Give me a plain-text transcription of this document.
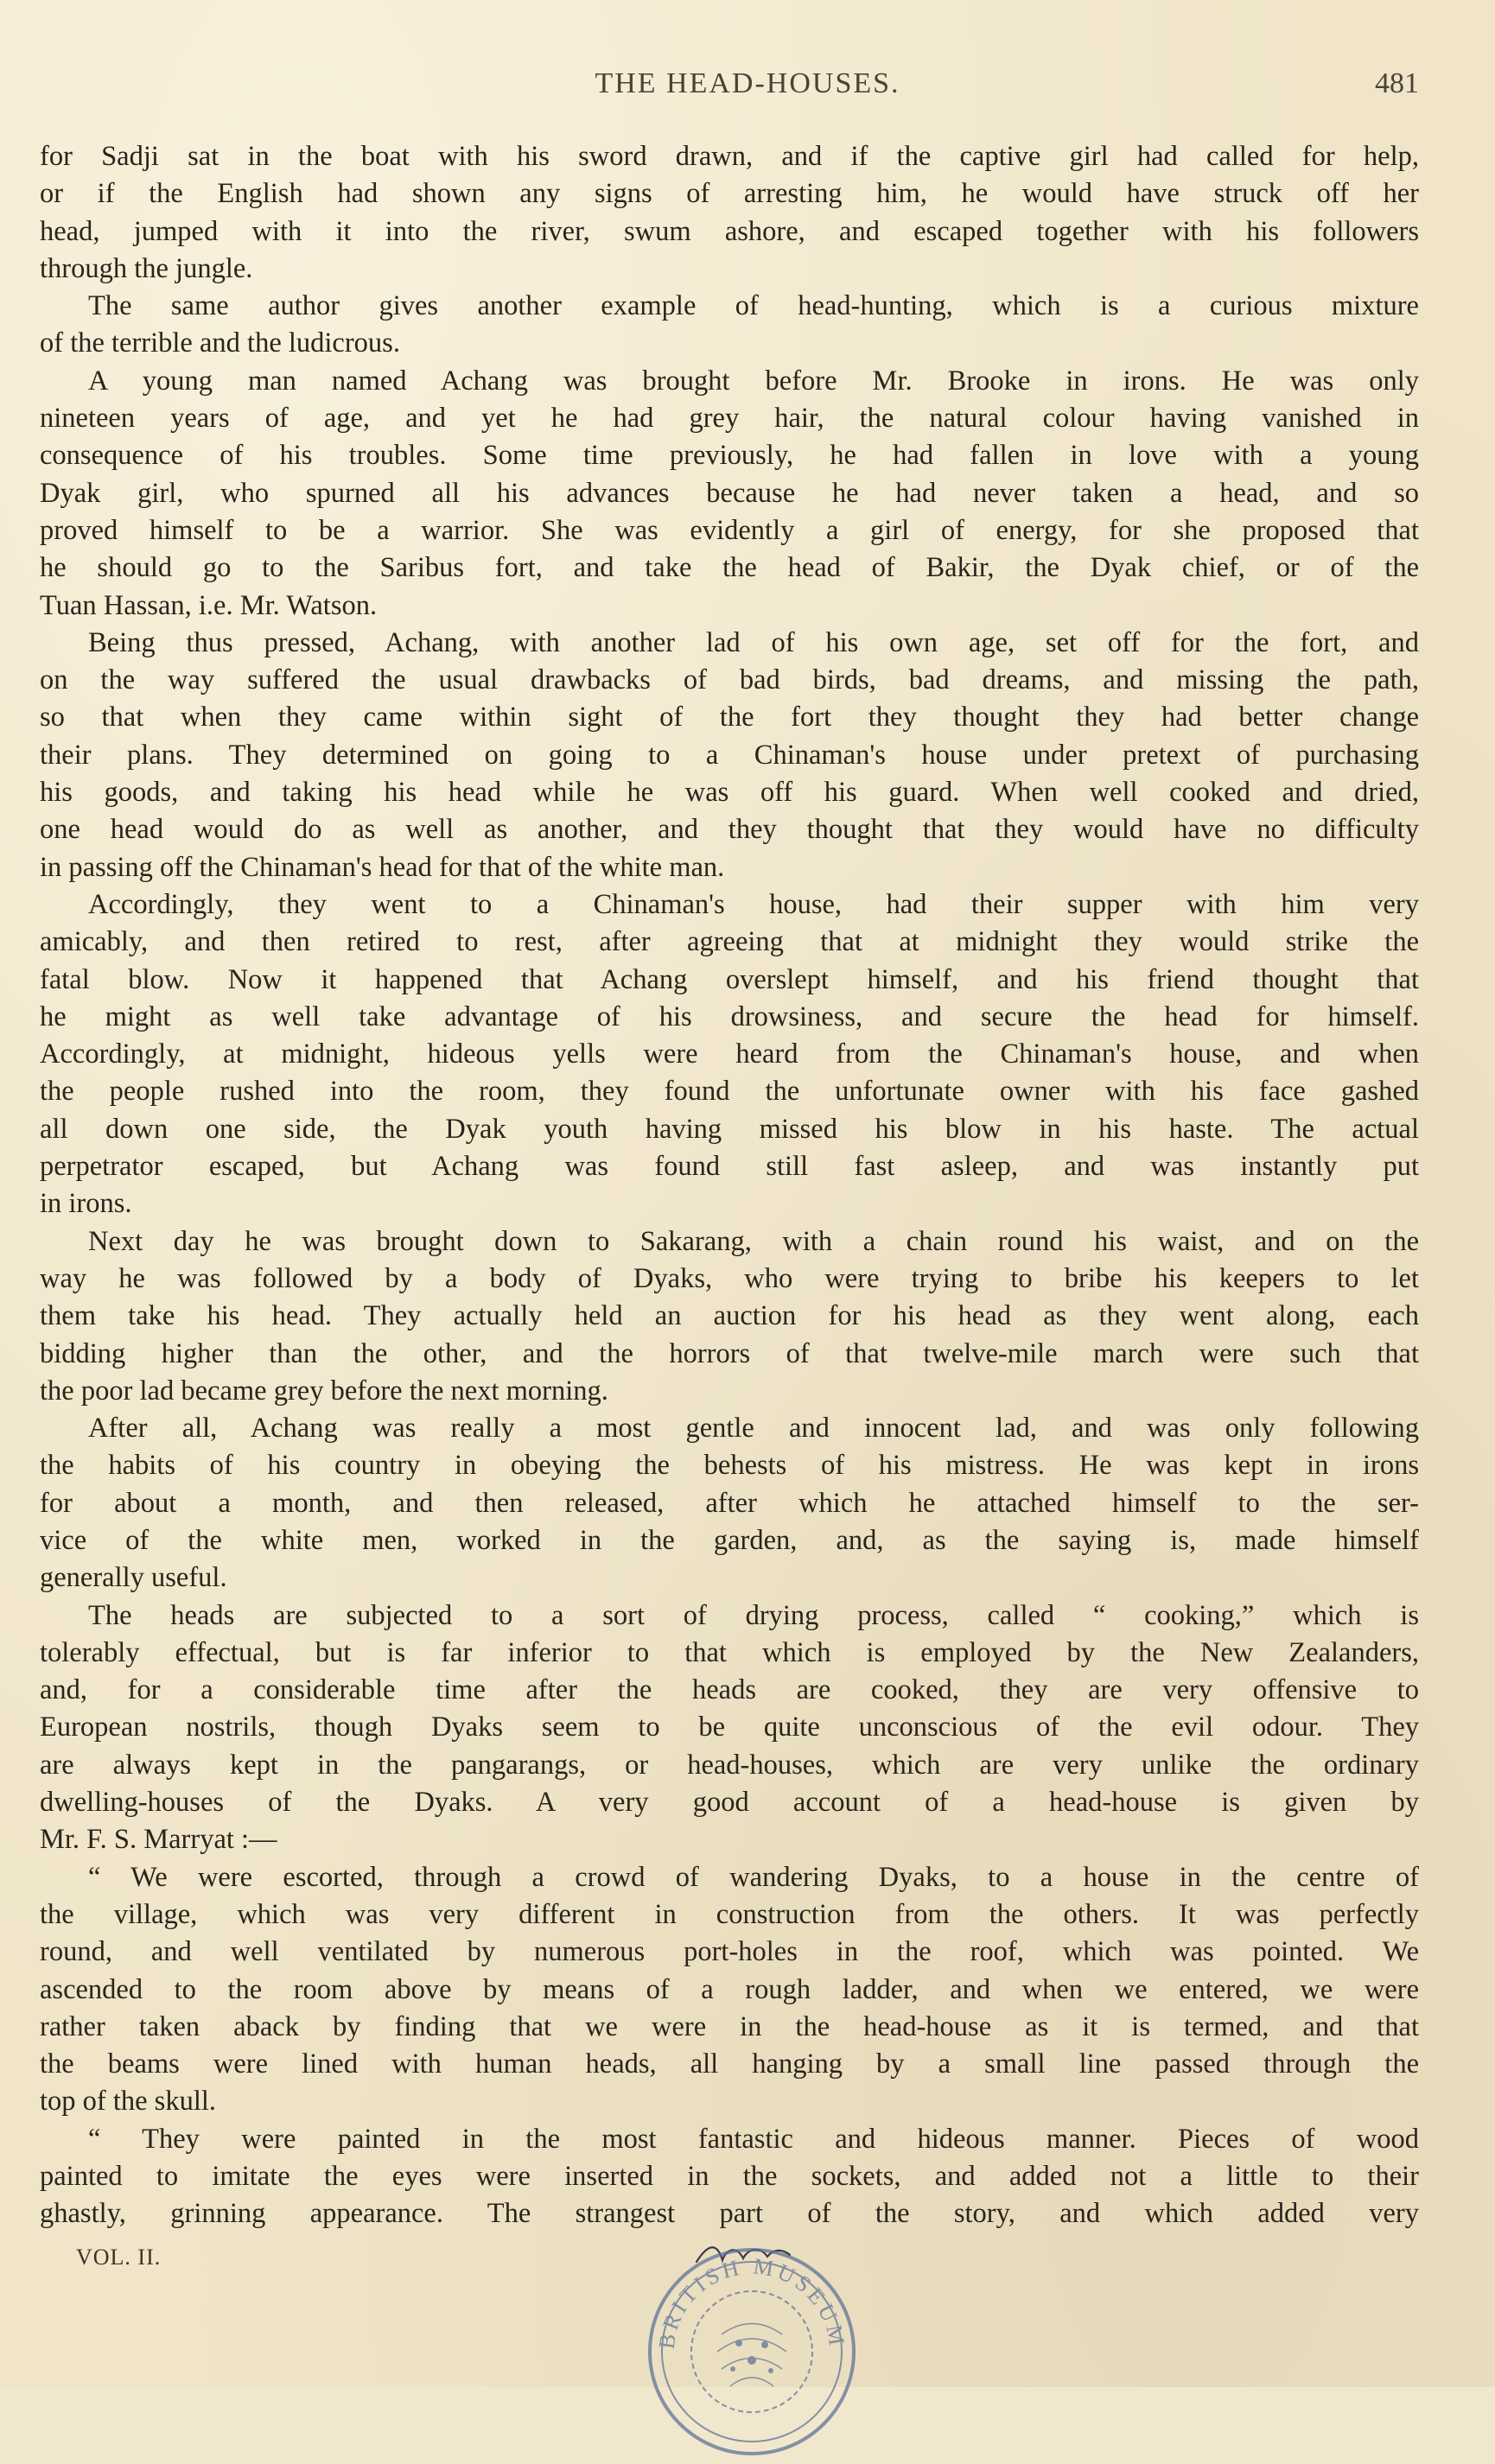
THE HEAD-HOUSES.	481
for Sadji sat in the boat with his sword drawn, and if the captive girl had called for help,
or if the English had shown any signs of arresting him, he would have struck off her
head, jumped with it into the river, swum ashore, and escaped together with his followers
through the jungle.
The same author gives another example of head-hunting, which is a curious mixture
of the terrible and the ludicrous.
A young man named Achang was brought before Mr. Brooke in irons. He was only
nineteen years of age, and yet he had grey hair, the natural colour having vanished in
consequence of his troubles. Some time previously, he had fallen in love with a young
Dyak girl, who spurned all his advances because he had never taken a head, and so
proved himself to be a warrior. She was evidently a girl of energy, for she proposed that
he should go to the Saribus fort, and take the head of Bakir, the Dyak chief, or of the
Tuan Hassan, i.e. Mr. Watson.
Being thus pressed, Achang, with another lad of his own age, set off for the fort, and
on the way suffered the usual drawbacks of bad birds, bad dreams, and missing the path,
so that when they came within sight of the fort they thought they had better change
their plans. They determined on going to a Chinaman's house under pretext of purchasing
his goods, and taking his head while he was off his guard. When well cooked and dried,
one head would do as well as another, and they thought that they would have no difficulty
in passing off the Chinaman's head for that of the white man.
Accordingly, they went to a Chinaman's house, had their supper with him very
amicably, and then retired to rest, after agreeing that at midnight they would strike the
fatal blow. Now it happened that Achang overslept himself, and his friend thought that
he might as well take advantage of his drowsiness, and secure the head for himself.
Accordingly, at midnight, hideous yells were heard from the Chinaman's house, and when
the people rushed into the room, they found the unfortunate owner with his face gashed
all down one side, the Dyak youth having missed his blow in his haste. The actual
perpetrator escaped, but Achang was found still fast asleep, and was instantly put
in irons.
Next day he was brought down to Sakarang, with a chain round his waist, and on the
way he was followed by a body of Dyaks, who were trying to bribe his keepers to let
them take his head. They actually held an auction for his head as they went along, each
bidding higher than the other, and the horrors of that twelve-mile march were such that
the poor lad became grey before the next morning.
After all, Achang was really a most gentle and innocent lad, and was only following
the habits of his country in obeying the behests of his mistress. He was kept in irons
for about a month, and then released, after which he attached himself to the ser-
vice of the white men, worked in the garden, and, as the saying is, made himself
generally useful.
The heads are subjected to a sort of drying process, called “ cooking,” which is
tolerably effectual, but is far inferior to that which is employed by the New Zealanders,
and, for a considerable time after the heads are cooked, they are very offensive to
European nostrils, though Dyaks seem to be quite unconscious of the evil odour. They
are always kept in the pangarangs, or head-houses, which are very unlike the ordinary
dwelling-houses of the Dyaks. A very good account of a head-house is given by
Mr. F. S. Marryat :—
“ We were escorted, through a crowd of wandering Dyaks, to a house in the centre of
the village, which was very different in construction from the others. It was perfectly
round, and well ventilated by numerous port-holes in the roof, which was pointed. We
ascended to the room above by means of a rough ladder, and when we entered, we were
rather taken aback by finding that we were in the head-house as it is termed, and that
the beams were lined with human heads, all hanging by a small line passed through the
top of the skull.
“ They were painted in the most fantastic and hideous manner. Pieces of wood
painted to imitate the eyes were inserted in the sockets, and added not a little to their
ghastly, grinning appearance. The strangest part of the story, and which added very
VOL. II.
BRITISH MUSEUM
